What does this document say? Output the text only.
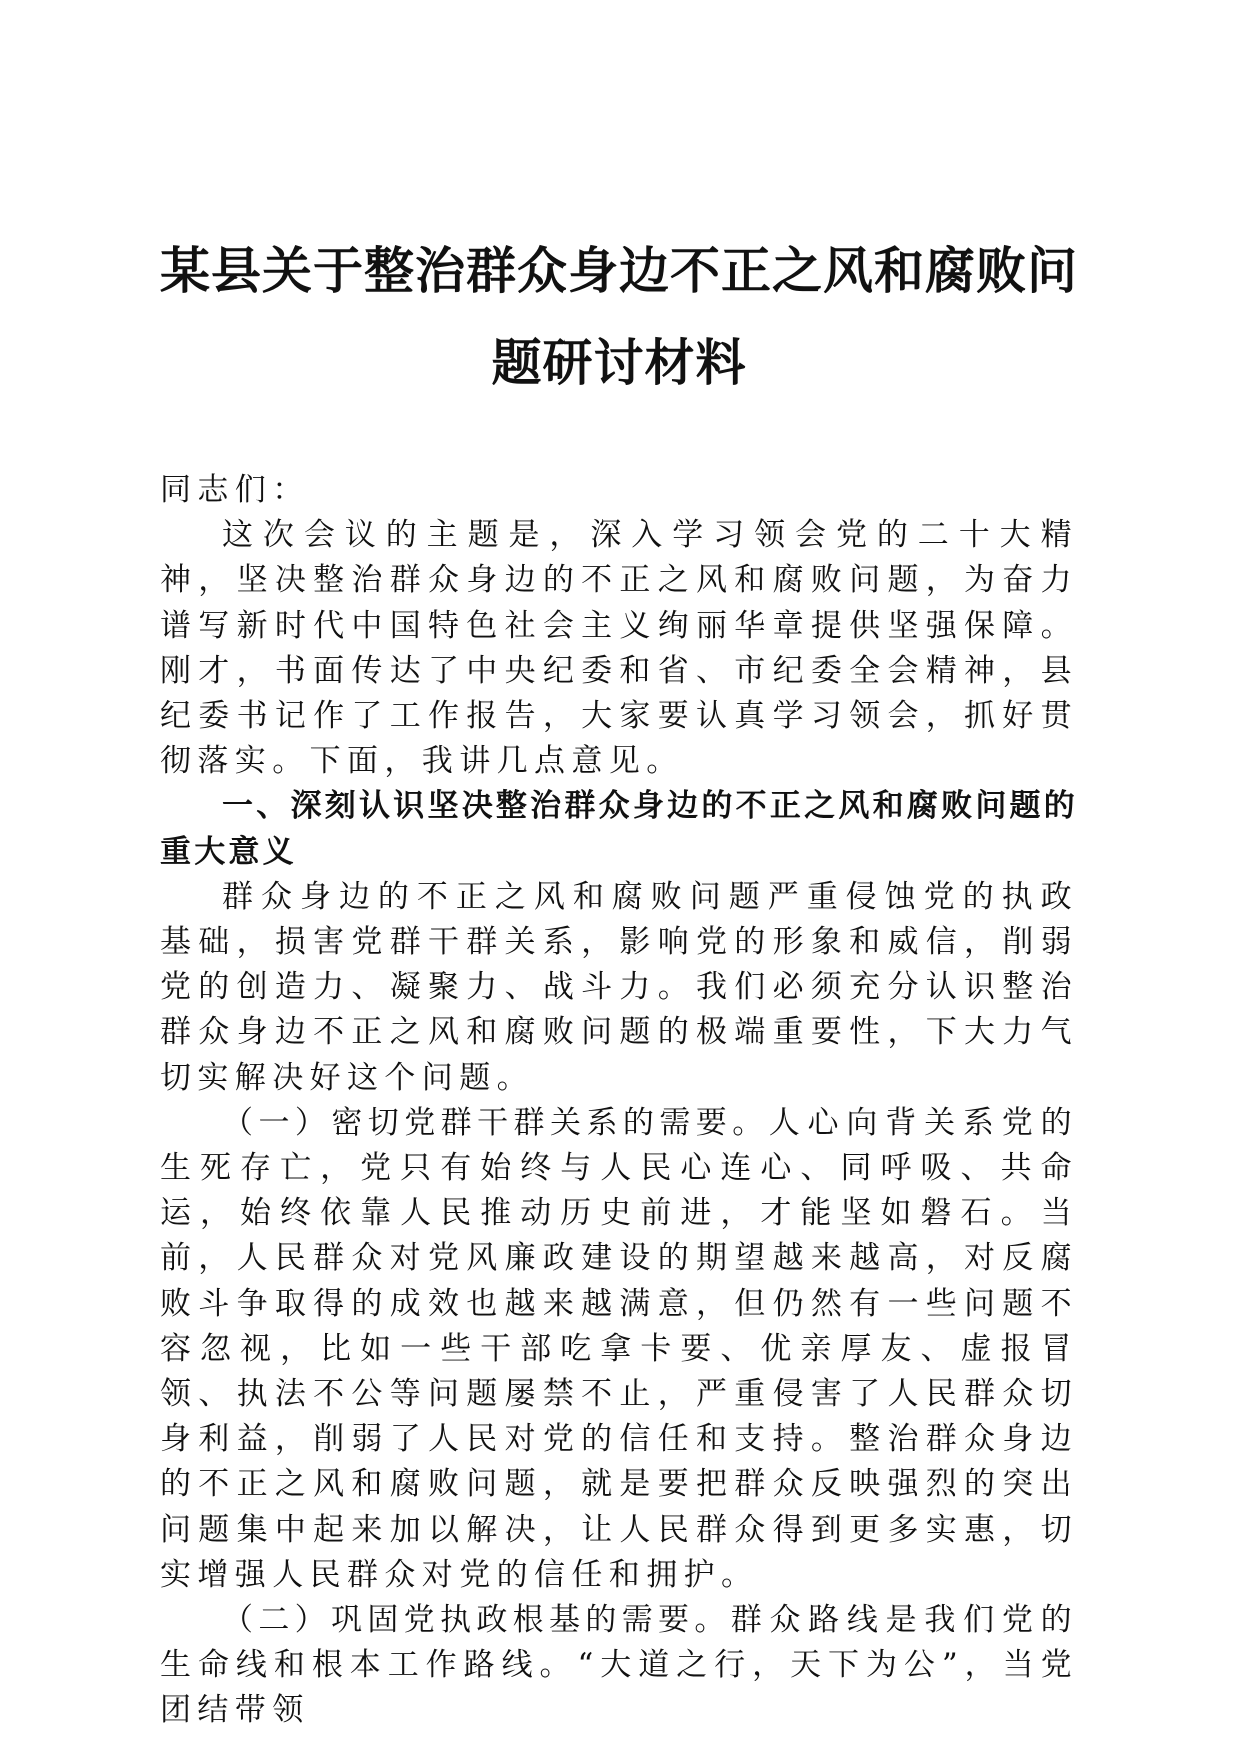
某县关于整治群众身边不正之风和腐败问题研讨材料

同志们：

这次会议的主题是，深入学习领会党的二十大精神，坚决整治群众身边的不正之风和腐败问题，为奋力谱写新时代中国特色社会主义绚丽华章提供坚强保障。刚才，书面传达了中央纪委和省、市纪委全会精神，县纪委书记作了工作报告，大家要认真学习领会，抓好贯彻落实。下面，我讲几点意见。

一、深刻认识坚决整治群众身边的不正之风和腐败问题的重大意义

群众身边的不正之风和腐败问题严重侵蚀党的执政基础，损害党群干群关系，影响党的形象和威信，削弱党的创造力、凝聚力、战斗力。我们必须充分认识整治群众身边不正之风和腐败问题的极端重要性，下大力气切实解决好这个问题。

（一）密切党群干群关系的需要。人心向背关系党的生死存亡，党只有始终与人民心连心、同呼吸、共命运，始终依靠人民推动历史前进，才能坚如磐石。当前，人民群众对党风廉政建设的期望越来越高，对反腐败斗争取得的成效也越来越满意，但仍然有一些问题不容忽视，比如一些干部吃拿卡要、优亲厚友、虚报冒领、执法不公等问题屡禁不止，严重侵害了人民群众切身利益，削弱了人民对党的信任和支持。整治群众身边的不正之风和腐败问题，就是要把群众反映强烈的突出问题集中起来加以解决，让人民群众得到更多实惠，切实增强人民群众对党的信任和拥护。

（二）巩固党执政根基的需要。群众路线是我们党的生命线和根本工作路线。“大道之行，天下为公”，当党团结带领
